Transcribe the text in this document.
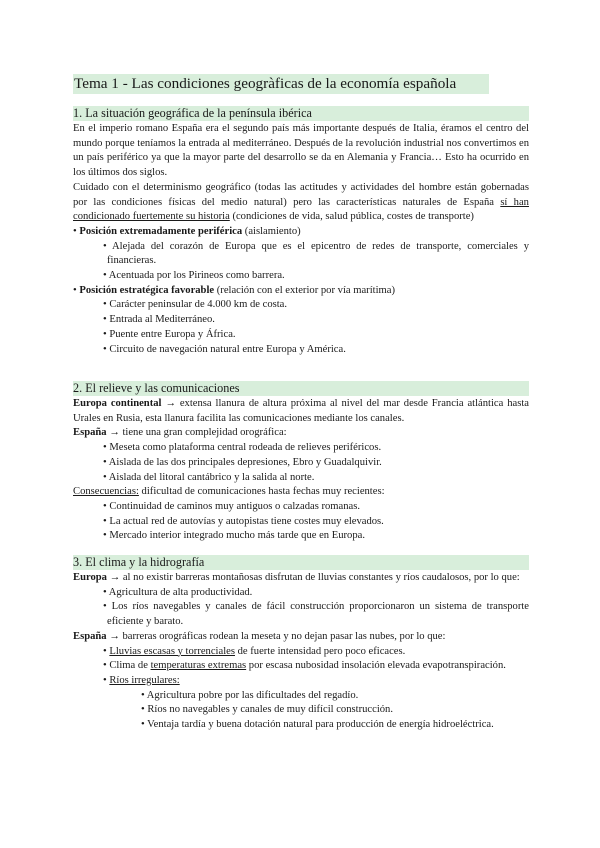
Tema 1 - Las condiciones geogràficas de la economía española
1. La situación geográfica de la península ibérica

En el imperio romano España era el segundo país más importante después de Italia, éramos el centro del mundo porque teníamos la entrada al mediterráneo. Después de la revolución industrial nos convertimos en un país periférico ya que la mayor parte del desarrollo se da en Alemania y Francia… Esto ha ocurrido en los últimos dos siglos.

Cuidado con el determinismo geográfico (todas las actitudes y actividades del hombre están gobernadas por las condiciones físicas del medio natural) pero las características naturales de España sí han condicionado fuertemente su historia (condiciones de vida, salud pública, costes de transporte)

• Posición extremadamente periférica (aislamiento)

• Alejada del corazón de Europa que es el epicentro de redes de transporte, comerciales y financieras.

• Acentuada por los Pirineos como barrera.

• Posición estratégica favorable (relación con el exterior por vía marítima)

• Carácter peninsular de 4.000 km de costa.

• Entrada al Mediterráneo.

• Puente entre Europa y África.

• Circuito de navegación natural entre Europa y América.

2. El relieve y las comunicaciones

Europa continental → extensa llanura de altura próxima al nivel del mar desde Francia atlántica hasta Urales en Rusia, esta llanura facilita las comunicaciones mediante los canales.

España → tiene una gran complejidad orográfica:

• Meseta como plataforma central rodeada de relieves periféricos.

• Aislada de las dos principales depresiones, Ebro y Guadalquivir.

• Aislada del litoral cantábrico y la salida al norte.

Consecuencias: dificultad de comunicaciones hasta fechas muy recientes:

• Continuidad de caminos muy antiguos o calzadas romanas.

• La actual red de autovías y autopistas tiene costes muy elevados.

• Mercado interior integrado mucho más tarde que en Europa.

3. El clima y la hidrografía

Europa → al no existir barreras montañosas disfrutan de lluvias constantes y ríos caudalosos, por lo que:

• Agricultura de alta productividad.

• Los ríos navegables y canales de fácil construcción proporcionaron un sistema de transporte eficiente y barato.

España → barreras orográficas rodean la meseta y no dejan pasar las nubes, por lo que:

• Lluvias escasas y torrenciales de fuerte intensidad pero poco eficaces.

• Clima de temperaturas extremas por escasa nubosidad insolación elevada evapotranspiración.

• Ríos irregulares:

• Agricultura pobre por las dificultades del regadío.

• Ríos no navegables y canales de muy difícil construcción.

• Ventaja tardía y buena dotación natural para producción de energía hidroeléctrica.
